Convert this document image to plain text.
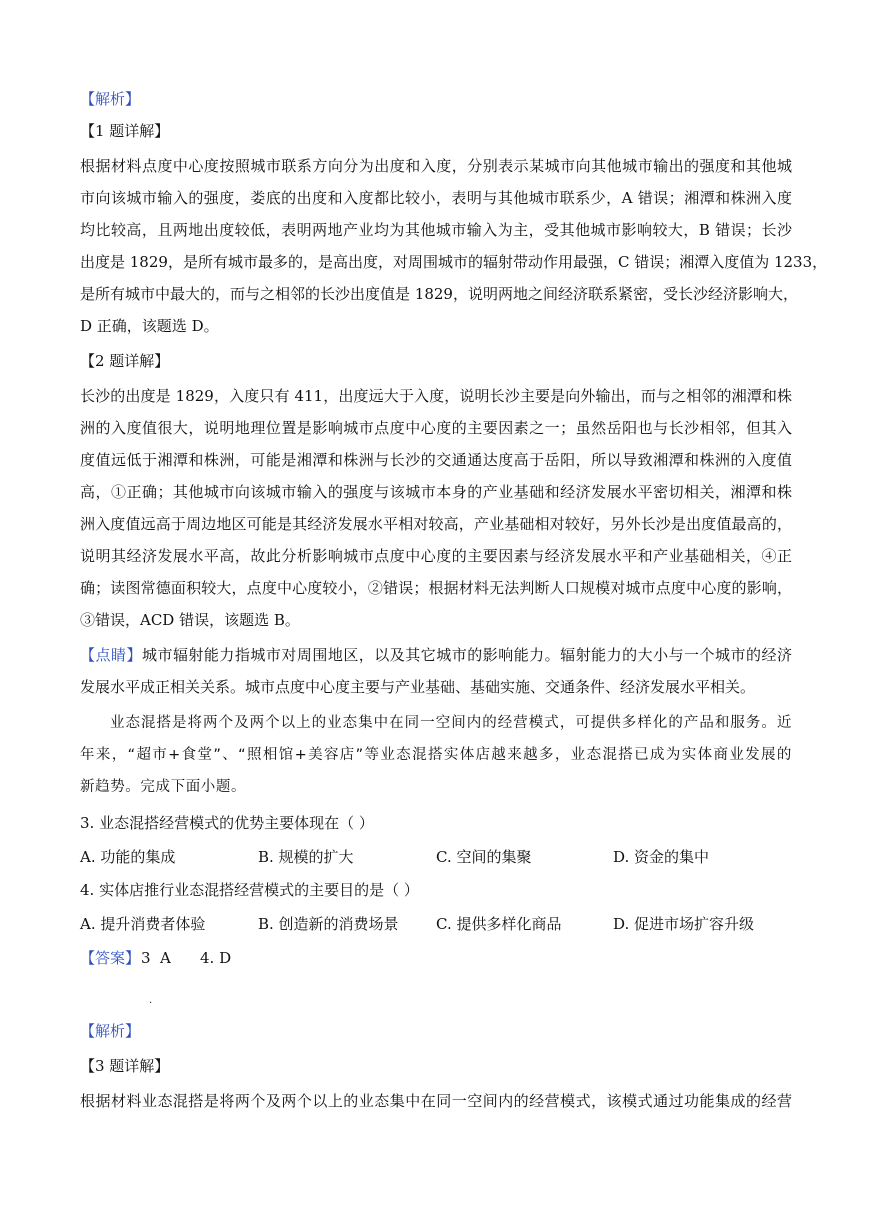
【解析】
【1 题详解】
根据材料点度中心度按照城市联系方向分为出度和入度，分别表示某城市向其他城市输出的强度和其他城
市向该城市输入的强度，娄底的出度和入度都比较小，表明与其他城市联系少，A 错误；湘潭和株洲入度
均比较高，且两地出度较低，表明两地产业均为其他城市输入为主，受其他城市影响较大，B 错误；长沙
出度是 1829，是所有城市最多的，是高出度，对周围城市的辐射带动作用最强，C 错误；湘潭入度值为 1233，
是所有城市中最大的，而与之相邻的长沙出度值是 1829，说明两地之间经济联系紧密，受长沙经济影响大，
D 正确，该题选 D。
【2 题详解】
长沙的出度是 1829，入度只有 411，出度远大于入度，说明长沙主要是向外输出，而与之相邻的湘潭和株
洲的入度值很大，说明地理位置是影响城市点度中心度的主要因素之一；虽然岳阳也与长沙相邻，但其入
度值远低于湘潭和株洲，可能是湘潭和株洲与长沙的交通通达度高于岳阳，所以导致湘潭和株洲的入度值
高，①正确；其他城市向该城市输入的强度与该城市本身的产业基础和经济发展水平密切相关，湘潭和株
洲入度值远高于周边地区可能是其经济发展水平相对较高，产业基础相对较好，另外长沙是出度值最高的，
说明其经济发展水平高，故此分析影响城市点度中心度的主要因素与经济发展水平和产业基础相关，④正
确；读图常德面积较大，点度中心度较小，②错误；根据材料无法判断人口规模对城市点度中心度的影响，
③错误，ACD 错误，该题选 B。
【点睛】城市辐射能力指城市对周围地区，以及其它城市的影响能力。辐射能力的大小与一个城市的经济
发展水平成正相关关系。城市点度中心度主要与产业基础、基础实施、交通条件、经济发展水平相关。
业态混搭是将两个及两个以上的业态集中在同一空间内的经营模式，可提供多样化的产品和服务。近
年来，“超市+食堂”、“照相馆+美容店”等业态混搭实体店越来越多，业态混搭已成为实体商业发展的
新趋势。完成下面小题。
3. 业态混搭经营模式的优势主要体现在（ ）
A. 功能的集成	B. 规模的扩大	C. 空间的集聚	D. 资金的集中
4. 实体店推行业态混搭经营模式的主要目的是（ ）
A. 提升消费者体验	B. 创造新的消费场景 C. 提供多样化商品	D. 促进市场扩容升级
【答案】 3 A
.
4. D
【解析】
【3 题详解】
根据材料业态混搭是将两个及两个以上的业态集中在同一空间内的经营模式，该模式通过功能集成的经营
